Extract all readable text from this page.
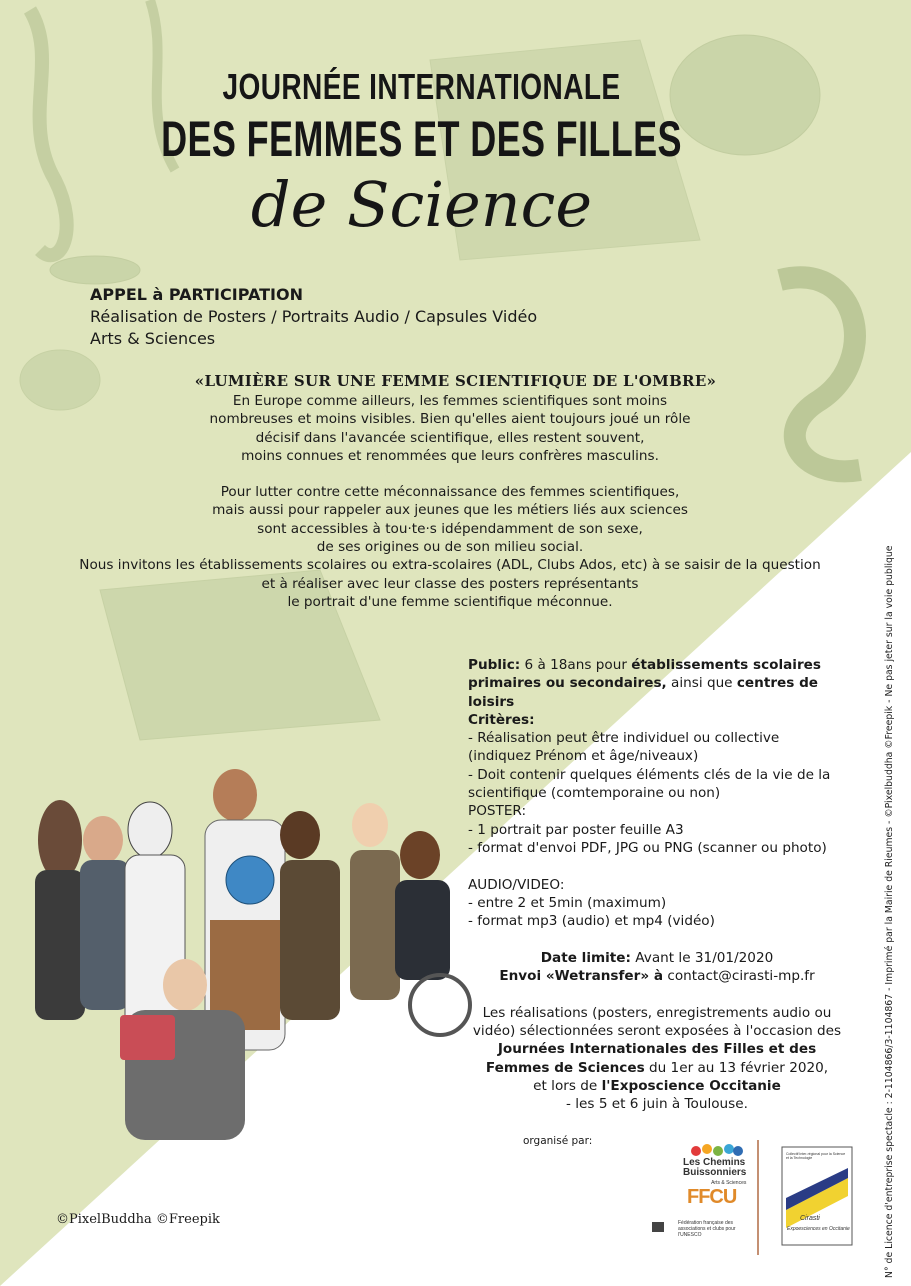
JOURNÉE INTERNATIONALE
DES FEMMES ET DES FILLES
de Science
APPEL à PARTICIPATION
Réalisation de Posters / Portraits Audio / Capsules Vidéo
Arts & Sciences
«LUMIÈRE SUR UNE FEMME SCIENTIFIQUE DE L'OMBRE»

En Europe comme ailleurs, les femmes scientifiques sont moins

nombreuses et moins visibles. Bien qu'elles aient toujours joué un rôle

décisif dans l'avancée scientifique, elles restent souvent,

moins connues et renommées que leurs confrères masculins.

Pour lutter contre cette méconnaissance des femmes scientifiques,

mais aussi pour rappeler aux jeunes que les métiers liés aux sciences

sont accessibles à tou·te·s idépendamment de son sexe,

de ses origines ou de son milieu social.

Nous invitons les établissements scolaires ou extra-scolaires (ADL, Clubs Ados, etc) à se saisir de la question

et à réaliser avec leur classe des posters représentants

le portrait d'une femme scientifique méconnue.

Public: 6 à 18ans pour établissements scolaires primaires ou secondaires, ainsi que centres de loisirs

Critères:

- Réalisation peut être individuel ou collective (indiquez Prénom et âge/niveaux)

- Doit contenir quelques éléments clés de la vie de la scientifique (comtemporaine ou non)

POSTER:

- 1 portrait par poster feuille A3

- format d'envoi PDF, JPG ou PNG (scanner ou photo)

AUDIO/VIDEO:

- entre 2 et 5min (maximum)

- format mp3 (audio) et mp4 (vidéo)

Date limite: Avant le 31/01/2020

Envoi «Wetransfer» à contact@cirasti-mp.fr

Les réalisations (posters, enregistrements audio ou vidéo) sélectionnées seront exposées à l'occasion des Journées Internationales des Filles et des Femmes de Sciences du 1er au 13 février 2020,

et lors de l'Exposcience Occitanie

- les 5 et 6 juin à Toulouse.

organisé par:
Les Chemins
Buissonniers
Arts & Sciences
FFCU
Fédération française des associations et clubs pour l'UNESCO
Collectif Inter-régional pour la Science et la Technologie
Cirasti
Expoesciences en Occitanie
©PixelBuddha ©Freepik	N° de Licence d'entreprise spectacle : 2-1104866/3-1104867 - Imprimé par la Mairie de Rieumes - ©Pixelbuddha ©Freepik - Ne pas jeter sur la voie publique
